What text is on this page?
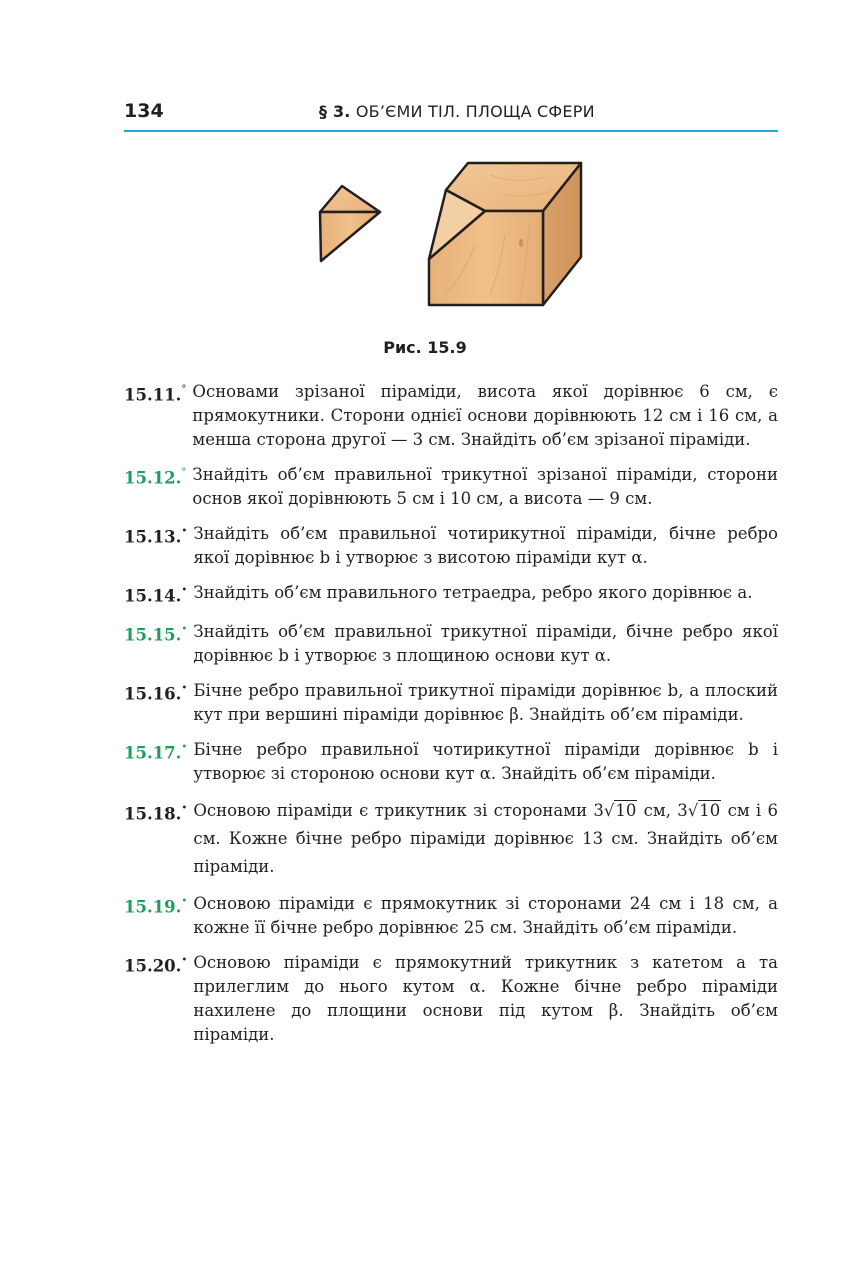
134	§ 3. ОБ’ЄМИ ТІЛ. ПЛОЩА СФЕРИ
Рис. 15.9
15.11.° Основами зрізаної піраміди, висота якої дорівнює 6 см, є прямокутники. Сторони однієї основи дорівнюють 12 см і 16 см, а менша сторона другої — 3 см. Знайдіть об’єм зрізаної піраміди.
15.12.° Знайдіть об’єм правильної трикутної зрізаної піраміди, сторони основ якої дорівнюють 5 см і 10 см, а висота — 9 см.
15.13.• Знайдіть об’єм правильної чотирикутної піраміди, бічне ребро якої дорівнює b і утворює з висотою піраміди кут α.
15.14.• Знайдіть об’єм правильного тетраедра, ребро якого дорівнює a.
15.15.• Знайдіть об’єм правильної трикутної піраміди, бічне ребро якої дорівнює b і утворює з площиною основи кут α.
15.16.• Бічне ребро правильної трикутної піраміди дорівнює b, а плоский кут при вершині піраміди дорівнює β. Знайдіть об’єм піраміди.
15.17.• Бічне ребро правильної чотирикутної піраміди дорівнює b і утворює зі стороною основи кут α. Знайдіть об’єм піраміди.
15.18.• Основою піраміди є трикутник зі сторонами 3√10 см, 3√10 см і 6 см. Кожне бічне ребро піраміди дорівнює 13 см. Знайдіть об’єм піраміди.
15.19.• Основою піраміди є прямокутник зі сторонами 24 см і 18 см, а кожне її бічне ребро дорівнює 25 см. Знайдіть об’єм піраміди.
15.20.• Основою піраміди є прямокутний трикутник з катетом a та прилеглим до нього кутом α. Кожне бічне ребро піраміди нахилене до площини основи під кутом β. Знайдіть об’єм піраміди.
